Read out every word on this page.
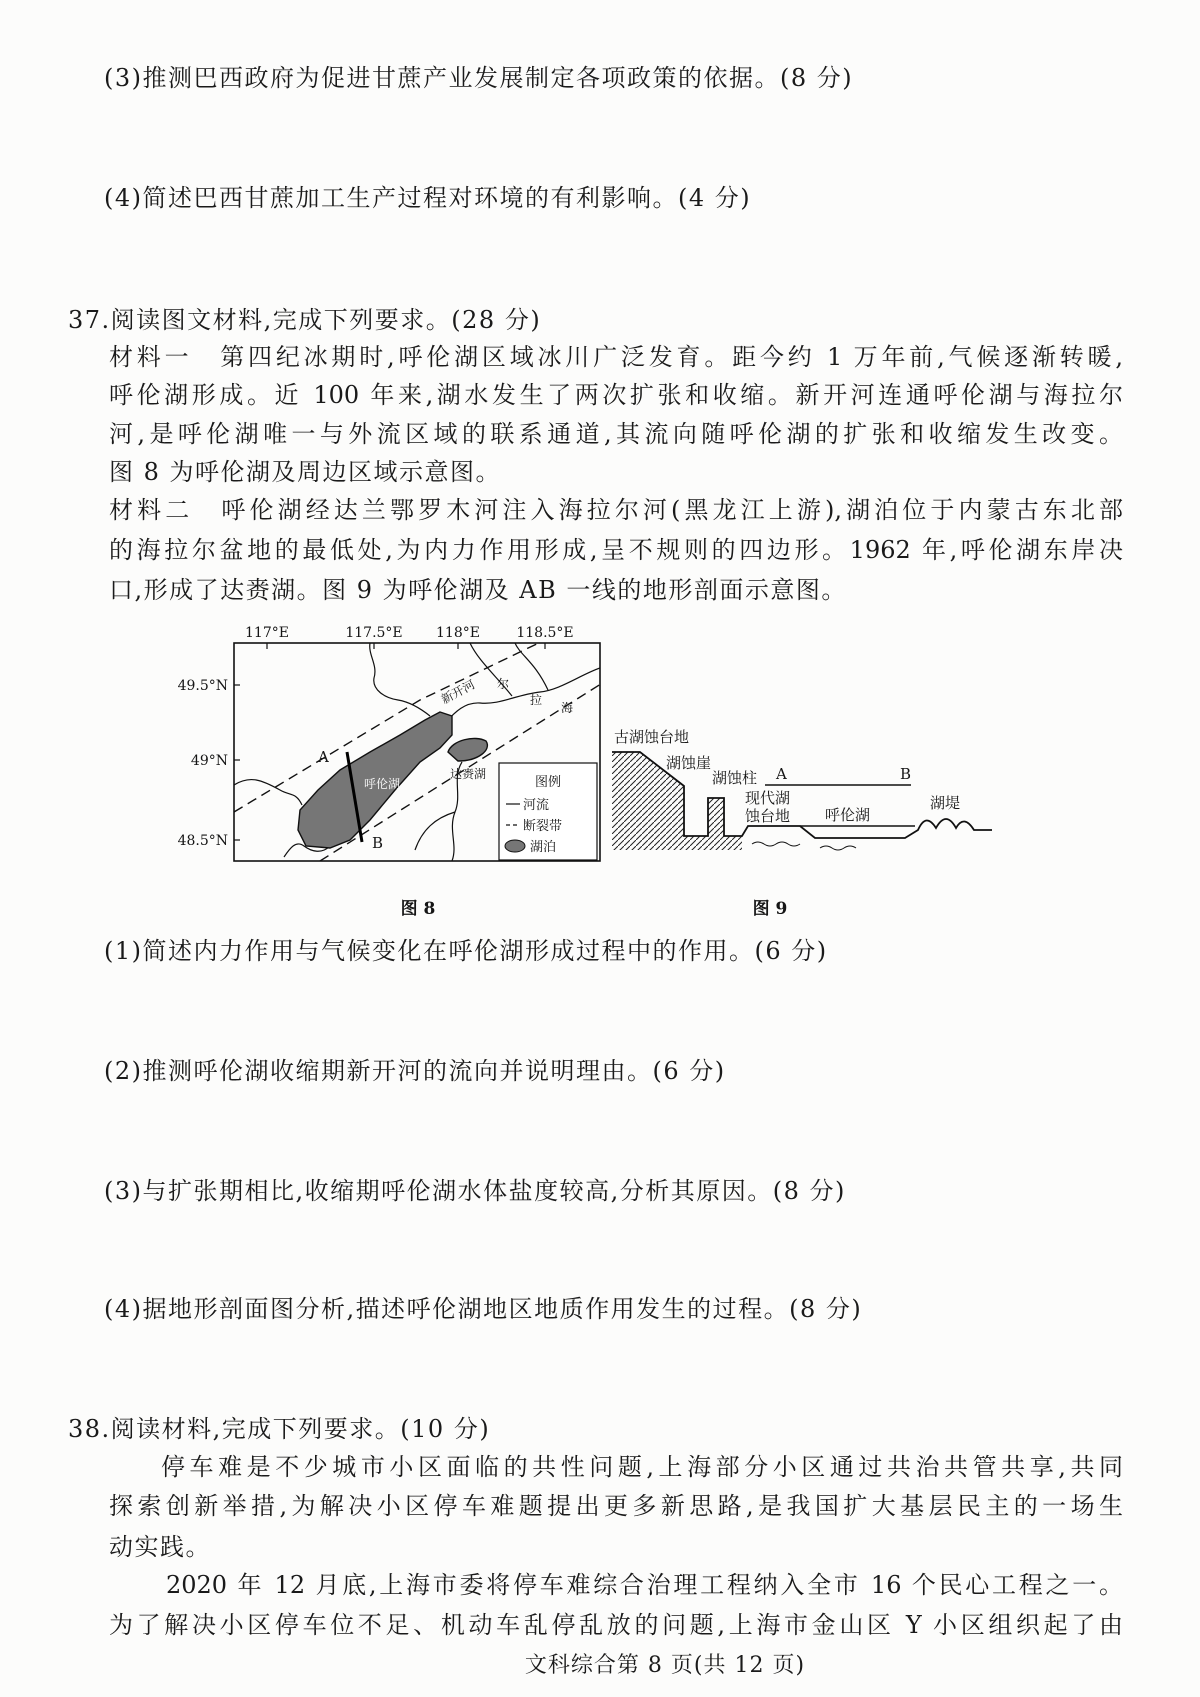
(3)推测巴西政府为促进甘蔗产业发展制定各项政策的依据。(8 分)
(4)简述巴西甘蔗加工生产过程对环境的有利影响。(4 分)
37.阅读图文材料,完成下列要求。(28 分)
材料一　第四纪冰期时,呼伦湖区域冰川广泛发育。距今约 1 万年前,气候逐渐转暖,
呼伦湖形成。近 100 年来,湖水发生了两次扩张和收缩。新开河连通呼伦湖与海拉尔
河,是呼伦湖唯一与外流区域的联系通道,其流向随呼伦湖的扩张和收缩发生改变。
图 8 为呼伦湖及周边区域示意图。
材料二　呼伦湖经达兰鄂罗木河注入海拉尔河(黑龙江上游),湖泊位于内蒙古东北部
的海拉尔盆地的最低处,为内力作用形成,呈不规则的四边形。1962 年,呼伦湖东岸决
口,形成了达赉湖。图 9 为呼伦湖及 AB 一线的地形剖面示意图。
117°E	117.5°E 118°E	118.5°E
49.5°N
49°N
48.5°N
A
B
呼伦湖
达赉湖
新开河
海
拉
尔
图例
河流
断裂带
湖泊
图 8
古湖蚀台地
湖蚀崖
湖蚀柱 A	B
现代湖
蚀台地 呼伦湖
湖堤
图 9
(1)简述内力作用与气候变化在呼伦湖形成过程中的作用。(6 分)
(2)推测呼伦湖收缩期新开河的流向并说明理由。(6 分)
(3)与扩张期相比,收缩期呼伦湖水体盐度较高,分析其原因。(8 分)
(4)据地形剖面图分析,描述呼伦湖地区地质作用发生的过程。(8 分)
38.阅读材料,完成下列要求。(10 分)
停车难是不少城市小区面临的共性问题,上海部分小区通过共治共管共享,共同
探索创新举措,为解决小区停车难题提出更多新思路,是我国扩大基层民主的一场生
动实践。
2020 年 12 月底,上海市委将停车难综合治理工程纳入全市 16 个民心工程之一。
为了解决小区停车位不足、机动车乱停乱放的问题,上海市金山区 Y 小区组织起了由
文科综合第 8 页(共 12 页)
